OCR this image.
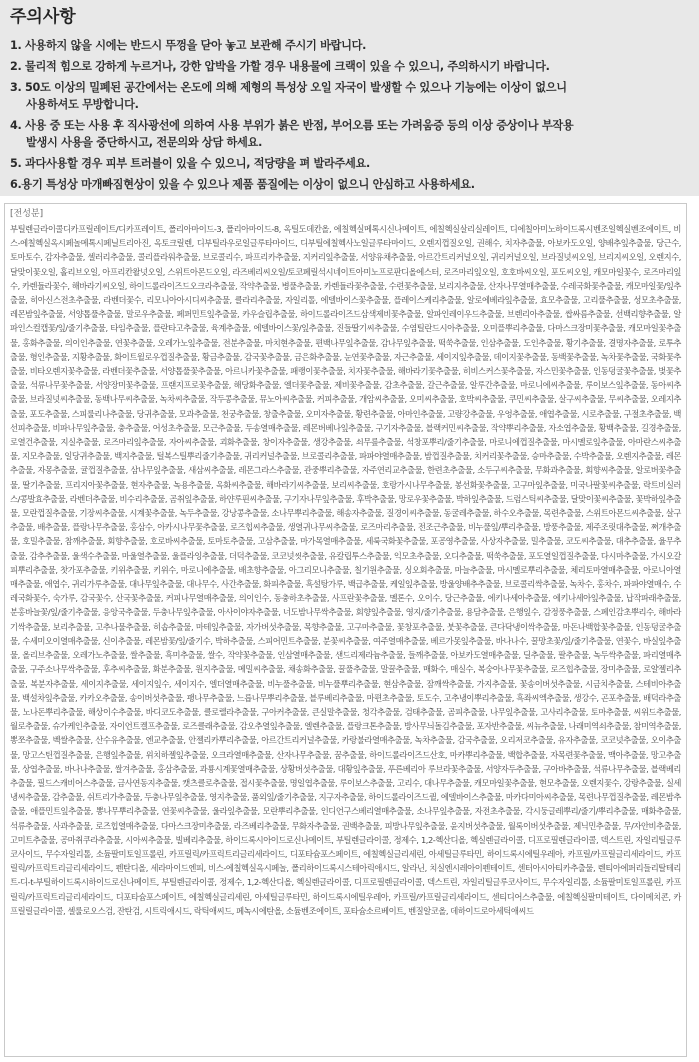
주의사항
1. 사용하지 않을 시에는 반드시 뚜껑을 닫아 놓고 보관해 주시기 바랍니다.
2. 물리적 힘으로 강하게 누르거나, 강한 압박을 가할 경우 내용물에 크랙이 있을 수 있으니, 주의하시기 바랍니다.
3. 50도 이상의 밀폐된 공간에서는 온도에 의해 제형의 특성상 오일 자국이 발생할 수 있으나 기능에는 이상이 없으니
사용하셔도 무방합니다.
4. 사용 중 또는 사용 후 직사광선에 의하여 사용 부위가 붉은 반점, 부어오름 또는 가려움증 등의 이상 증상이나 부작용
발생시 사용을 중단하시고, 전문의와 상담 하세요.
5. 과다사용할 경우 피부 트러블이 있을 수 있으니, 적당량을 펴 발라주세요.
6.용기 특성상 마개빠짐현상이 있을 수 있으나 제품 품질에는 이상이 없으니 안심하고 사용하세요.
[전성분]

부틸렌글라이콜디카프릴레이트/디카프레이트, 폴리아마이드-3, 폴리아마이드-8, 옥틸도데칸올, 에칠헥실메톡시신나메이트, 에칠헥실살리실레이트, 디에칠아미노하이드록시벤조일헥실벤조에이트, 비스-에칠헥실옥시페놀메톡시페닐트리아진, 옥토크릴렌, 디부틸라우로일글루타마이드, 디부틸에칠헥사노일글루타마이드, 오렌지껍질오일, 권해수, 치자추출물, 아보카도오일, 양배추잎추출물, 당근수, 토마토수, 감자추출물, 셀러리추출물, 콜리플라워추출물, 브로콜리수, 파프리카추출물, 지커리잎추출물, 서양유채추출물, 아르간트리커널오일, 귀리커널오일, 브라질넛씨오일, 브리지씨오일, 오렌지수, 달맞이꽃오일, 홀리브오일, 아프리칸왈넛오일, 스위트아몬드오일, 라즈베리씨오일/토코페릴석시네이트아미노프로판디올에스터, 로즈마리잎오일, 호호바씨오일, 포도씨오일, 캐모마일꽃수, 로즈마리잎수, 카렌듈라꽃수, 해바라기씨오일, 하이드롤라이즈드오크라추출물, 작약추출물, 병풀추출물, 카렌듈라꽃추출물, 수련꽃추출물, 보리지추출물, 산자나무열매추출물, 수레국화꽃추출물, 캐모마일꽃/잎추출물, 히아신스전초추출물, 라벤더꽃수, 리모니아아시디씨추출물, 클라리추출물, 자일리톨, 에델바이스꽃추출물, 플레이스케리추출물, 알로에베라잎추출물, 효모추출물, 고리풀추출물, 성모초추출물, 레몬밤잎추출물, 서양톱풀추출물, 말로우추출물, 페퍼민트잎추출물, 카우슬립추출물, 하이드롤라이즈드삼색제비꽃추출물, 알파인레이우드추출물, 브렌리아추출물, 쌉싸름추출물, 선백리향추출물, 알파인스컬캡꽃/잎/줄기추출물, 타임추출물, 플란타고추출물, 육계추출물, 에델바이스꽃/잎추출물, 진들딸기씨추출물, 수염틸란드시아추출물, 오미플뿌리추출물, 다마스크장미꽃추출물, 캐모마일꽃추출물, 홍화추출물, 의이인추출물, 연꽃추출물, 오레가노잎추출물, 전분추출물, 마치현추출물, 편백나무잎추출물, 감나무잎추출물, 떡쑥추출물, 인삼추출물, 도인추출물, 황기추출물, 결명자추출물, 로투추출물, 형인추출물, 지황추출물, 화이트윌로우껍질추출물, 황금추출물, 감국꽃추출물, 금은화추출물, 눈연꽃추출물, 자근추출물, 세이지잎추출물, 데이지꽃추출물, 동백꽃추출물, 녹차꽃추출물, 국화꽃추출물, 비타오렌지꽃추출물, 라벤더꽃추출물, 서양톱풀꽃추출물, 아르니카꽃추출물, 패랭이꽃추출물, 치자꽃추출물, 해바라기꽃추출물, 히비스커스꽃추출물, 자스민꽃추출물, 인동덩굴꽃추출물, 벚꽃추출물, 석류나무꽃추출물, 서양장미꽃추출물, 프랜지프로꽃추출물, 해당화추출물, 엘더꽃추출물, 제비꽃추출물, 감초추출물, 갈근추출물, 알루간추출물, 마로니에씨추출물, 루이보스잎추출물, 동아씨추출물, 브라질넛씨추출물, 동백나무씨추출물, 녹차씨추출물, 작두콩추출물, 뮤노아씨추출물, 커피추출물, 개암씨추출물, 오미씨추출물, 호박씨추출물, 쿠민씨추출물, 살구씨추출물, 무씨추출물, 오레지추출물, 포도추출물, 스피룰리나추출물, 당귀추출물, 모과추출물, 천궁추출물, 창출추출물, 오미자추출물, 황련추출물, 아마인추출물, 고량강추출물, 우엉추출물, 애엽추출물, 시로추출물, 구절초추출물, 백선피추출물, 비파나무잎추출물, 충추출물, 어성초추출물, 모근추출물, 두송열매추출물, 레몬버베나잎추출물, 구기자추출물, 블랙커민씨추출물, 작약뿌리추출물, 자소엽추출물, 황백추출물, 길경추출물, 로열건추출물, 지실추출물, 로즈마리잎추출물, 자아씨추출물, 괴화추출물, 창이자추출물, 생강추출물, 쇠무릎추출물, 석창포뿌리/줄기추출물, 마로니에껍질추출물, 마시멜로잎추출물, 아마란스씨추출물, 지모추출물, 일당귀추출물, 백지추출물, 털복스틸뿌리줄기추출물, 귀리커널추출물, 브로콜리추출물, 파파야열매추출물, 밤껍질추출물, 치커리꽃추출물, 승마추출물, 수박추출물, 오렌지추출물, 레몬추출물, 자몽추출물, 귤껍질추출물, 삼나무잎추출물, 새삼씨추출물, 레몬그라스추출물, 관중뿌리추출물, 자주연리교추출물, 한련초추출물, 소두구씨추출물, 무화과추출물, 회향씨추출물, 알로버꽃추출물, 딸기추출물, 프리지아꽃추출물, 현자추출물, 녹용추출물, 옥화씨추출물, 해바라기씨추출물, 보리씨추출물, 호랑가시나무추출물, 봉선화꽃추출물, 고구마잎추출물, 미국나팔꽃씨추출물, 락트비실러스/콩발효추출물, 라벤더추출물, 비수리추출물, 곰취잎추출물, 하얀루핀씨추출물, 구기자나무잎추출물, 후박추출물, 망로우꽃추출물, 박하잎추출물, 드럼스틱씨추출물, 달맞이꽃씨추출물, 꽃박하잎추출물, 모란껍질추출물, 기장씨추출물, 시계꽃추출물, 녹두추출물, 강낭콩추출물, 소나무뿌리추출물, 해송자추출물, 질경이씨추출물, 동굴레추출물, 하수오추출물, 목련추출물, 스위트아몬드씨추출물, 살구추출물, 배추출물, 플랑나무추출물, 홍삼수, 아카시나무꽃추출물, 로즈힙씨추출물, 생열귀나무씨추출물, 로즈마리추출물, 전조근추출물, 비누풀잎/뿌리추출물, 방풍추출물, 제주조릿대추출물, 쪄개추출물, 호밀추출물, 참깨추출물, 회향추출물, 호로바씨추출물, 토마토추출물, 고삼추출물, 마가목열매추출물, 세룩국화꽃추출물, 포공영추출물, 사상자추출물, 밀추출물, 코도씨추출물, 대추추출물, 율무추출물, 감추추출물, 울색수추출물, 마울열추출물, 울플라잉추출물, 더덕추출물, 코코넛씻추출물, 유칼립투스추출물, 익모초추출물, 오디추출물, 떡쑥추출물, 포도열일껍질추출물, 다시마추출물, 가시오갈피뿌리추출물, 찻가포추출물, 키위추출물, 키위수, 마로니에추출물, 배초향추출물, 아그리모니추출물, 칠기원추출물, 싱오회추출물, 마늘추출물, 마시멜로뿌리추출물, 체리토마열매추출물, 아로니아열매추출물, 애엽수, 귀리가루추출물, 대나무잎추출물, 대나무수, 사간추출물, 화피추출물, 흑설탕가루, 백급추출물, 케일잎추출물, 방울양배추추출물, 브로콜리싹추출물, 녹차수, 홍차수, 파파야열매수, 수레국화꽃수, 숙가루, 감국꽃수, 산국꽃추출물, 커피나무열매추출물, 의이인수, 동충하초추출물, 사프란꽃추출물, 멜론수, 오이수, 당근추출물, 에키나세아추출물, 에키나세아잎추출물, 납작파래추출물, 분홍바늘꽃/잎/줄기추출물, 응앙국추출물, 두충나무잎추출물, 아사이야자추출물, 너도밤나무싹추출물, 회향잎추출물, 영지/줄기추출물, 용담추출물, 은행잎수, 감정풍추출물, 스페인감초뿌리수, 해바라기싹추출물, 보리추출물, 고추나물추출물, 히솝추출물, 마테잎추출물, 자가버섯추출물, 목향추출물, 고구마추출물, 꽃창포추출물, 붓꽃추출물, 큰다닥냉이싹추출물, 마돈나백합꽃추출물, 인동덩굴추출물, 수세미오이열매추출물, 신이추출물, 레몬밤꽃/잎/줄기수, 박하추출물, 스피어민트추출물, 분꽃씨추출물, 여주열매추출물, 베르가못잎추출물, 바나나수, 꿀망초꽃/잎/줄기추출물, 연꽃수, 바실잎추출물, 올리브추출물, 오레가노추출물, 쌀추출물, 흑미추출물, 쌀수, 작약꽃추출물, 인삼열매추출물, 샌드리제라늄추출물, 들깨추출물, 아보카도열매추출물, 딜추출물, 팔추출물, 녹두싹추출물, 파리열매추출물, 구주소나무싹추출물, 후추씨추출물, 화분추출물, 원지추출물, 메밀씨추출물, 채송화추출물, 꿀풀추출물, 말꿀추출물, 매화수, 매실수, 복숭아나무꽃추출물, 로즈힙추출물, 장미추출물, 로얄젤리추출물, 복분자추출물, 세이지추출물, 세이지잎수, 세이지수, 엘더열매추출물, 비누풀추출물, 비누풀뿌리추출물, 현삼추출물, 잠깨싹추출물, 가지추출물, 꽃송이버섯추출물, 시금치추출물, 스테비아추출물, 백설차잎추출물, 카카오추출물, 송이버섯추출물, 팽나무추출물, 느릅나무뿌리추출물, 블루베리추출물, 마편초추출물, 토도수, 고추냉이뿌리추출물, 흑좌씨엑추출물, 생강수, 곤포추출물, 배덕라추출물, 노나돈뿌리추출물, 해상이수추출물, 바디코도추출물, 클로렐라추출물, 구아커추출물, 큰실말추출물, 청각추출물, 검태추출물, 곰피추출물, 나무잎추출물, 고사리추출물, 토마추출물, 씨위드추출물, 월로추출물, 슈가케인추출물, 자이언트켈프추출물, 로즈클래추출물, 감오추열잎추출물, 엘렌추출물, 플랑크톤추출물, 방사무늬돌김추출물, 포자반추출물, 씨뉴추출물, 나래미역쇠추출물, 참미역추출물, 뽕쪼추출물, 벡쌀추출물, 산수유추출물, 엔교추출물, 안젤리카뿌리추출물, 아르간트리커널추출물, 카랑불라열매추출물, 녹차추출물, 감국추출물, 오리저코추출물, 유자추출물, 코코넛추출물, 오이추출물, 망고스틴껍질추출물, 은행잎추출물, 위치하젤잎추출물, 오크라열매추출물, 산자나무추출물, 꿈추출물, 하이드롤라이즈드산호, 마카뿌리추출물, 백합추출물, 자목련꽃추출물, 맥아추출물, 망고추출물, 상엽추출물, 바나나추출물, 쌀겨추출물, 홍삼추출물, 과룡시계꽃열매추출물, 상황버섯추출물, 대황잎추출물, 푸른베리아 루브라꽃추출물, 서양자두추출물, 구아바추출물, 석류나무추출물, 블랙베리추출물, 필드스캐비어스추출물, 금사연동지추출물, 캣츠클로추출물, 접시꽃추출물, 명일엽추출물, 루이보스추출물, 고리수, 대나무추출물, 캐모마일꽃추출물, 현모추출물, 오렌지꽃수, 강랑추출물, 실세냉씨추출물, 감추출물, 쉬트리가추출물, 두충나무잎추출물, 영지추출물, 품외잎/줄기추출물, 지구자추출물, 하이드롤라이즈드퀼, 에델바이스추출물, 마카다미아씨추출물, 목련나무껍질추출물, 레몬밤추출물, 애플민트잎추출물, 뽕나무뿌리추출물, 연꽃씨추출물, 울라잎추출물, 모란뿌리추출물, 인디언구스베리열매추출물, 소나무잎추출물, 자전초추출물, 각시둥글레뿌리/줄기/뿌리추출물, 매화추출물, 석류추출물, 사과추출물, 로즈힙열매추출물, 다마스크장미추출물, 라즈베리추출물, 무화자추출물, 권백추출물, 피방나무잎추출물, 윤지버섯추출물, 월록이버섯추출물, 제닉민추출물, 무/자안비추출물, 고미트추출물, 공마취쿠라추출물, 시아씨추출물, 빌베리추출물, 하이드록시아이드로신나메이트, 부틸렌글라이콜, 정제수, 1,2-헥산디올, 헥실렌글라이콜, 디프로필렌글라이콜, 덱스트린, 자일리틸글루코사이드, 무수자일리톨, 소듐팔미토일프롤린, 카프릴릭/카프릭트리글리세라이드, 디포타슘포스페이트, 에칠헥실글리세린, 아세틸글루타민, 하이드록시에틸우레아, 카프릴/카프릴글리세라이드, 카프릴릭/카프릭트리글리세라이드, 펜탄디올, 세라마이드엔피, 비스-에칠헥실옥시페놀, 폴리하이드록시스테아릭애시드, 알라닌, 치실엔시레아이펜테이트, 센터아시아티카추출물, 렌티아에퍼리들리탈테리트-디-t-부틸하이드록시하이드로신나메이트, 부틸렌글라이콜, 정제수, 1,2-헥산디올, 헥실렌글라이콜, 디프로필렌글라이콜, 덱스트린, 자일리틸글루코사이드, 무수자일리톨, 소듐팔미토일프롤린, 카프릴릭/카프릭트리글리세라이드, 디포타슘포스페이트, 에칠헥실글리세린, 아세틸글루타민, 하이드록시에틸우레아, 카프릴/카프릴글리세라이드, 센티디어스추출물, 에칠헥실팔미테이트, 다이메치콘, 카프릴릴글라이콜, 셀룰로오스검, 잔탄검, 시트릭애시드, 락틱애씨드, 페녹시에탄올, 소듐벤조에이트, 포타슘소르베이트, 벤질알코올, 데하이드로아세틱애씨드
